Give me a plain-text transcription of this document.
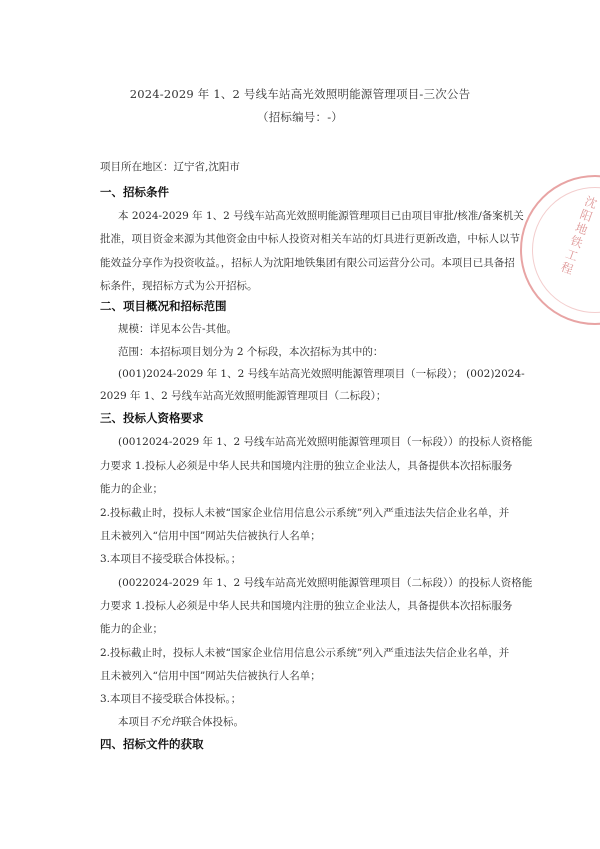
沈阳地铁工程
2024-2029 年 1、2 号线车站高光效照明能源管理项目-三次公告
（招标编号：-）
项目所在地区：辽宁省,沈阳市
一、招标条件
本 2024-2029 年 1、2 号线车站高光效照明能源管理项目已由项目审批/核准/备案机关
批准，项目资金来源为其他资金由中标人投资对相关车站的灯具进行更新改造，中标人以节
能效益分享作为投资收益。，招标人为沈阳地铁集团有限公司运营分公司。本项目已具备招
标条件，现招标方式为公开招标。
二、项目概况和招标范围
规模：详见本公告-其他。
范围：本招标项目划分为 2 个标段，本次招标为其中的：
(001)2024-2029 年 1、2 号线车站高光效照明能源管理项目（一标段）； (002)2024-
2029 年 1、2 号线车站高光效照明能源管理项目（二标段）；
三、投标人资格要求
(0012024-2029 年 1、2 号线车站高光效照明能源管理项目（一标段））的投标人资格能
力要求 1.投标人必须是中华人民共和国境内注册的独立企业法人，具备提供本次招标服务
能力的企业；
2.投标截止时，投标人未被“国家企业信用信息公示系统”列入严重违法失信企业名单，并
且未被列入“信用中国”网站失信被执行人名单；
3.本项目不接受联合体投标。；
(0022024-2029 年 1、2 号线车站高光效照明能源管理项目（二标段））的投标人资格能
力要求 1.投标人必须是中华人民共和国境内注册的独立企业法人，具备提供本次招标服务
能力的企业；
2.投标截止时，投标人未被“国家企业信用信息公示系统”列入严重违法失信企业名单，并
且未被列入“信用中国”网站失信被执行人名单；
3.本项目不接受联合体投标。；
本项目不允许联合体投标。
四、招标文件的获取
